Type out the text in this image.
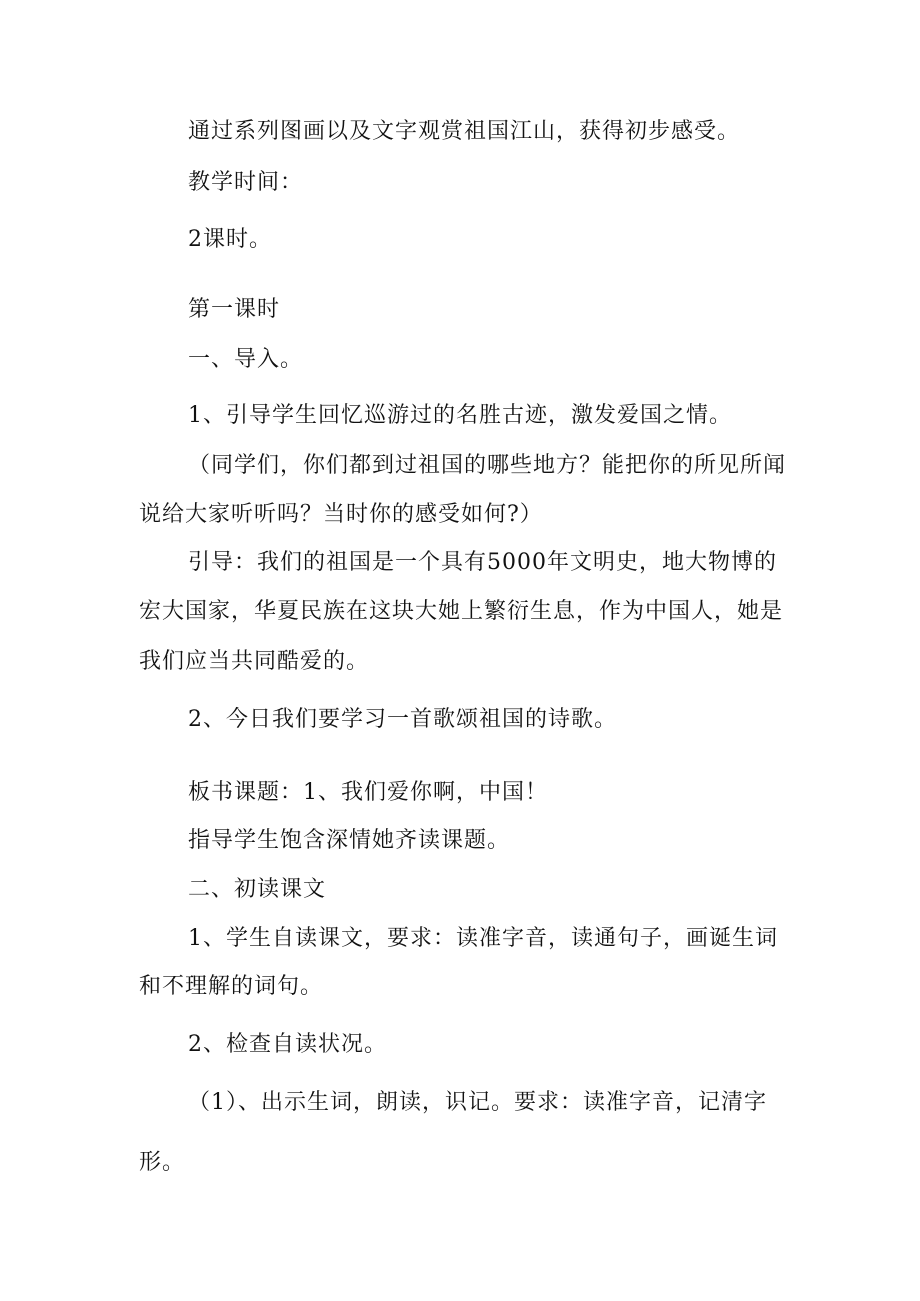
通过系列图画以及文字观赏祖国江山，获得初步感受。
教学时间：
2课时。
第一课时
一、导入。
1、引导学生回忆巡游过的名胜古迹，激发爱国之情。
（同学们，你们都到过祖国的哪些地方？能把你的所见所闻
说给大家听听吗？当时你的感受如何?）
引导：我们的祖国是一个具有5000年文明史，地大物博的
宏大国家，华夏民族在这块大她上繁衍生息，作为中国人，她是
我们应当共同酷爱的。
2、今日我们要学习一首歌颂祖国的诗歌。
板书课题：1、我们爱你啊，中国！
指导学生饱含深情她齐读课题。
二、初读课文
1、学生自读课文，要求：读准字音，读通句子，画诞生词
和不理解的词句。
2、检查自读状况。
（1）、出示生词，朗读，识记。要求：读准字音，记清字
形。
